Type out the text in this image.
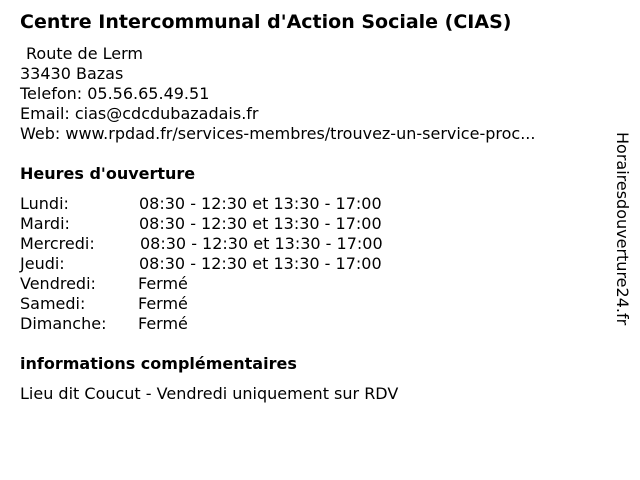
Centre Intercommunal d'Action Sociale (CIAS)
Route de Lerm
33430 Bazas
Telefon: 05.56.65.49.51
Email: cias@cdcdubazadais.fr
Web: www.rpdad.fr/services-membres/trouvez-un-service-proc...
Heures d'ouverture
Lundi:	08:30 - 12:30 et 13:30 - 17:00
Mardi:	08:30 - 12:30 et 13:30 - 17:00
Mercredi:	08:30 - 12:30 et 13:30 - 17:00
Jeudi:	08:30 - 12:30 et 13:30 - 17:00
Vendredi:	Fermé
Samedi:	Fermé
Dimanche: Fermé
informations complémentaires
Lieu dit Coucut - Vendredi uniquement sur RDV
Horairesdouverture24.fr
